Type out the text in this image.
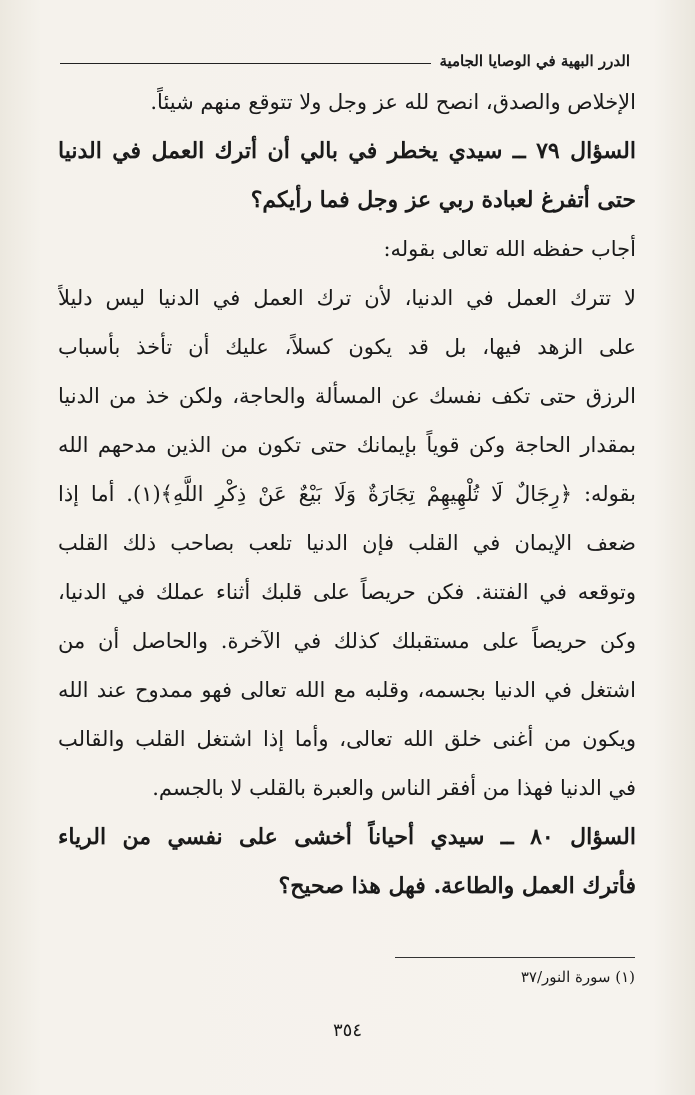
الدرر البهية في الوصايا الجامية
الإخلاص والصدق، انصح لله عز وجل ولا تتوقع منهم شيئاً.
السؤال ٧٩ ــ سيدي يخطر في بالي أن أترك العمل في الدنيا
حتى أتفرغ لعبادة ربي عز وجل فما رأيكم؟
أجاب حفظه الله تعالى بقوله:
لا تترك العمل في الدنيا، لأن ترك العمل في الدنيا ليس دليلاً
على الزهد فيها، بل قد يكون كسلاً، عليك أن تأخذ بأسباب
الرزق حتى تكف نفسك عن المسألة والحاجة، ولكن خذ من الدنيا
بمقدار الحاجة وكن قوياً بإيمانك حتى تكون من الذين مدحهم الله
بقوله: ﴿رِجَالٌ لَا تُلْهِيهِمْ تِجَارَةٌ وَلَا بَيْعٌ عَنْ ذِكْرِ اللَّهِ﴾(١). أما إذا
ضعف الإيمان في القلب فإن الدنيا تلعب بصاحب ذلك القلب
وتوقعه في الفتنة. فكن حريصاً على قلبك أثناء عملك في الدنيا،
وكن حريصاً على مستقبلك كذلك في الآخرة. والحاصل أن من
اشتغل في الدنيا بجسمه، وقلبه مع الله تعالى فهو ممدوح عند الله
ويكون من أغنى خلق الله تعالى، وأما إذا اشتغل القلب والقالب
في الدنيا فهذا من أفقر الناس والعبرة بالقلب لا بالجسم.
السؤال ٨٠ ــ سيدي أحياناً أخشى على نفسي من الرياء
فأترك العمل والطاعة. فهل هذا صحيح؟
(١) سورة النور/٣٧
٣٥٤
